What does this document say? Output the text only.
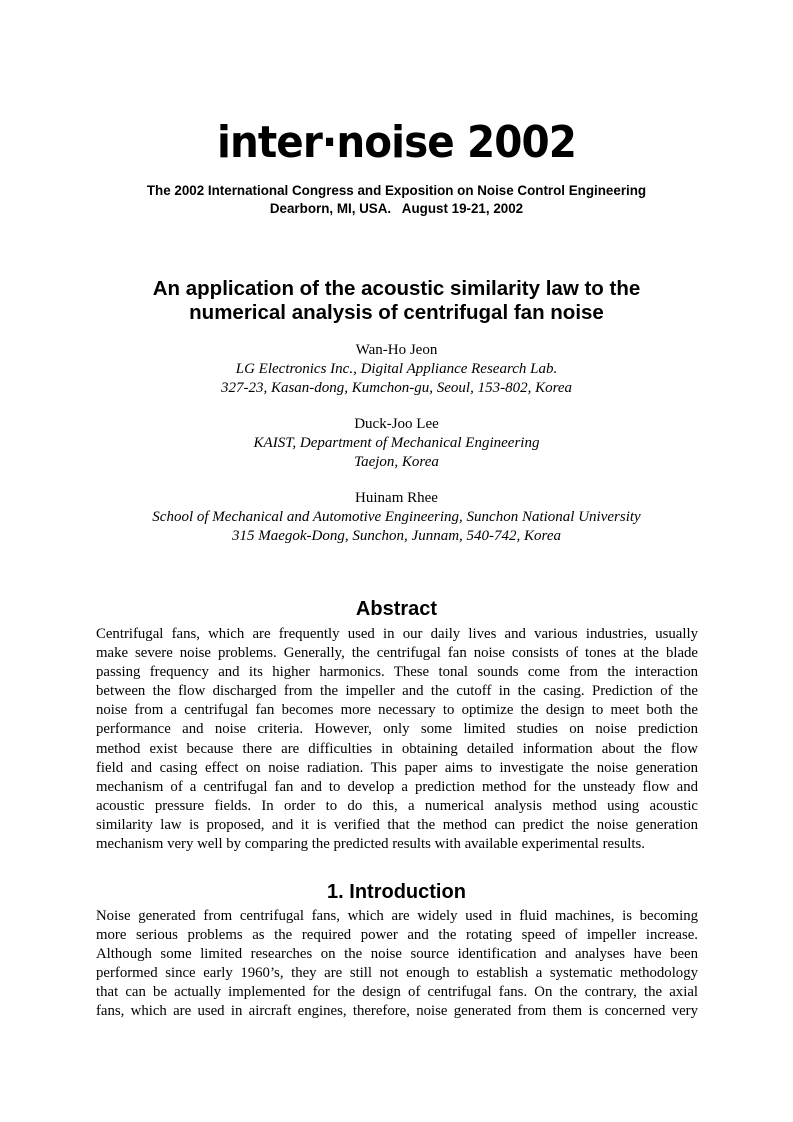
inter·noise 2002
The 2002 International Congress and Exposition on Noise Control Engineering
Dearborn, MI, USA.   August 19-21, 2002
An application of the acoustic similarity law to the
numerical analysis of centrifugal fan noise
Wan-Ho Jeon
LG Electronics Inc., Digital Appliance Research Lab.
327-23, Kasan-dong, Kumchon-gu, Seoul, 153-802, Korea
Duck-Joo Lee
KAIST, Department of Mechanical Engineering
Taejon, Korea
Huinam Rhee
School of Mechanical and Automotive Engineering, Sunchon National University
315 Maegok-Dong, Sunchon, Junnam, 540-742, Korea
Abstract
Centrifugal fans, which are frequently used in our daily lives and various industries, usually
make severe noise problems. Generally, the centrifugal fan noise consists of tones at the blade
passing frequency and its higher harmonics. These tonal sounds come from the interaction
between the flow discharged from the impeller and the cutoff in the casing. Prediction of the
noise from a centrifugal fan becomes more necessary to optimize the design to meet both the
performance and noise criteria. However, only some limited studies on noise prediction
method exist because there are difficulties in obtaining detailed information about the flow
field and casing effect on noise radiation. This paper aims to investigate the noise generation
mechanism of a centrifugal fan and to develop a prediction method for the unsteady flow and
acoustic pressure fields. In order to do this, a numerical analysis method using acoustic
similarity law is proposed, and it is verified that the method can predict the noise generation
mechanism very well by comparing the predicted results with available experimental results.
1. Introduction
Noise generated from centrifugal fans, which are widely used in fluid machines, is becoming
more serious problems as the required power and the rotating speed of impeller increase.
Although some limited researches on the noise source identification and analyses have been
performed since early 1960’s, they are still not enough to establish a systematic methodology
that can be actually implemented for the design of centrifugal fans. On the contrary, the axial
fans, which are used in aircraft engines, therefore, noise generated from them is concerned very
